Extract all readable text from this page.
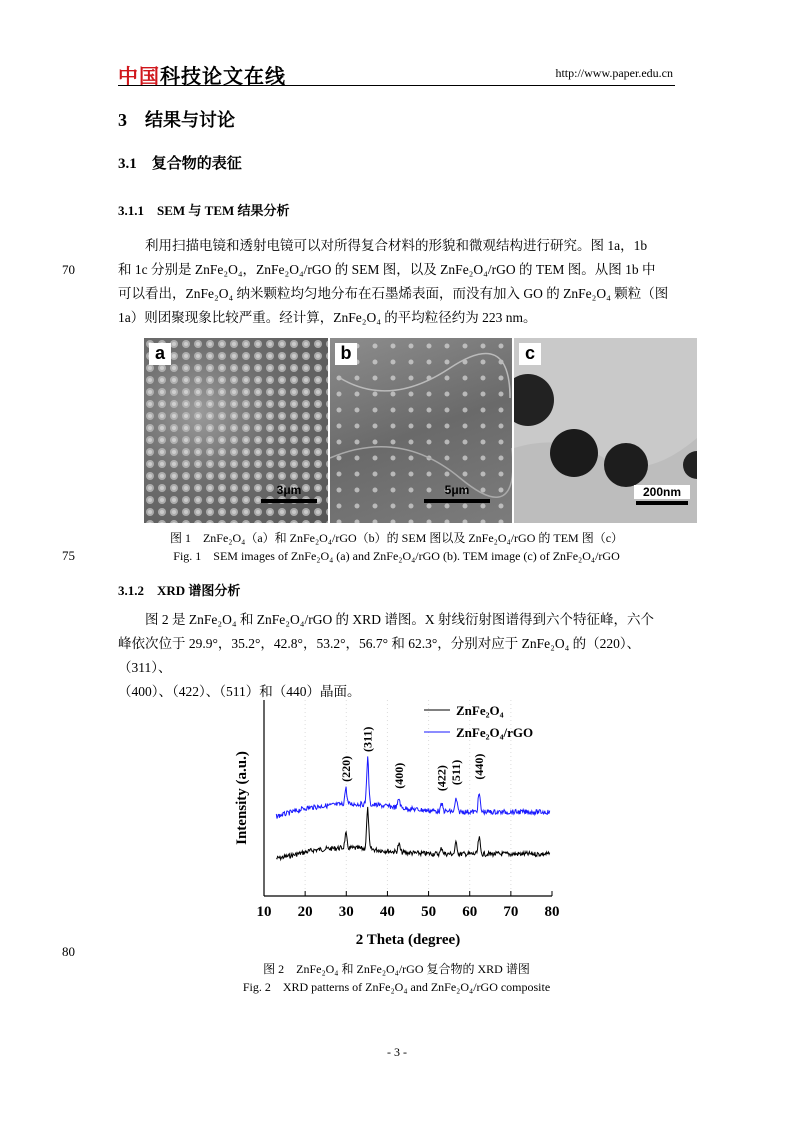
中国科技论文在线	http://www.paper.edu.cn
3　结果与讨论
3.1　复合物的表征
3.1.1　SEM 与 TEM 结果分析

利用扫描电镜和透射电镜可以对所得复合材料的形貌和微观结构进行研究。图 1a，1b

和 1c 分别是 ZnFe₂O₄，ZnFe₂O₄/rGO 的 SEM 图，以及 ZnFe₂O₄/rGO 的 TEM 图。从图 1b 中

可以看出，ZnFe₂O₄ 纳米颗粒均匀地分布在石墨烯表面，而没有加入 GO 的 ZnFe₂O₄ 颗粒（图

1a）则团聚现象比较严重。经计算，ZnFe₂O₄ 的平均粒径约为 223 nm。

70
a
3μm
b
5μm
c
200nm
图 1　ZnFe₂O₄（a）和 ZnFe₂O₄/rGO（b）的 SEM 图以及 ZnFe₂O₄/rGO 的 TEM 图（c）
Fig. 1　SEM images of ZnFe₂O₄ (a) and ZnFe₂O₄/rGO (b). TEM image (c) of ZnFe₂O₄/rGO
75
3.1.2　XRD 谱图分析

图 2 是 ZnFe₂O₄ 和 ZnFe₂O₄/rGO 的 XRD 谱图。X 射线衍射图谱得到六个特征峰，六个

峰依次位于 29.9°，35.2°，42.8°，53.2°，56.7° 和 62.3°，分别对应于 ZnFe₂O₄ 的（220）、（311）、

（400）、（422）、（511）和（440）晶面。

10 20 30 40 50 60 70 80
2 Theta (degree)
Intensity (a.u.)	(220)
(311)
(400) (422) (511) (440)
ZnFe₂O₄
ZnFe₂O₄/rGO
图 2　ZnFe₂O₄ 和 ZnFe₂O₄/rGO 复合物的 XRD 谱图
Fig. 2　XRD patterns of ZnFe₂O₄ and ZnFe₂O₄/rGO composite
80
- 3 -
